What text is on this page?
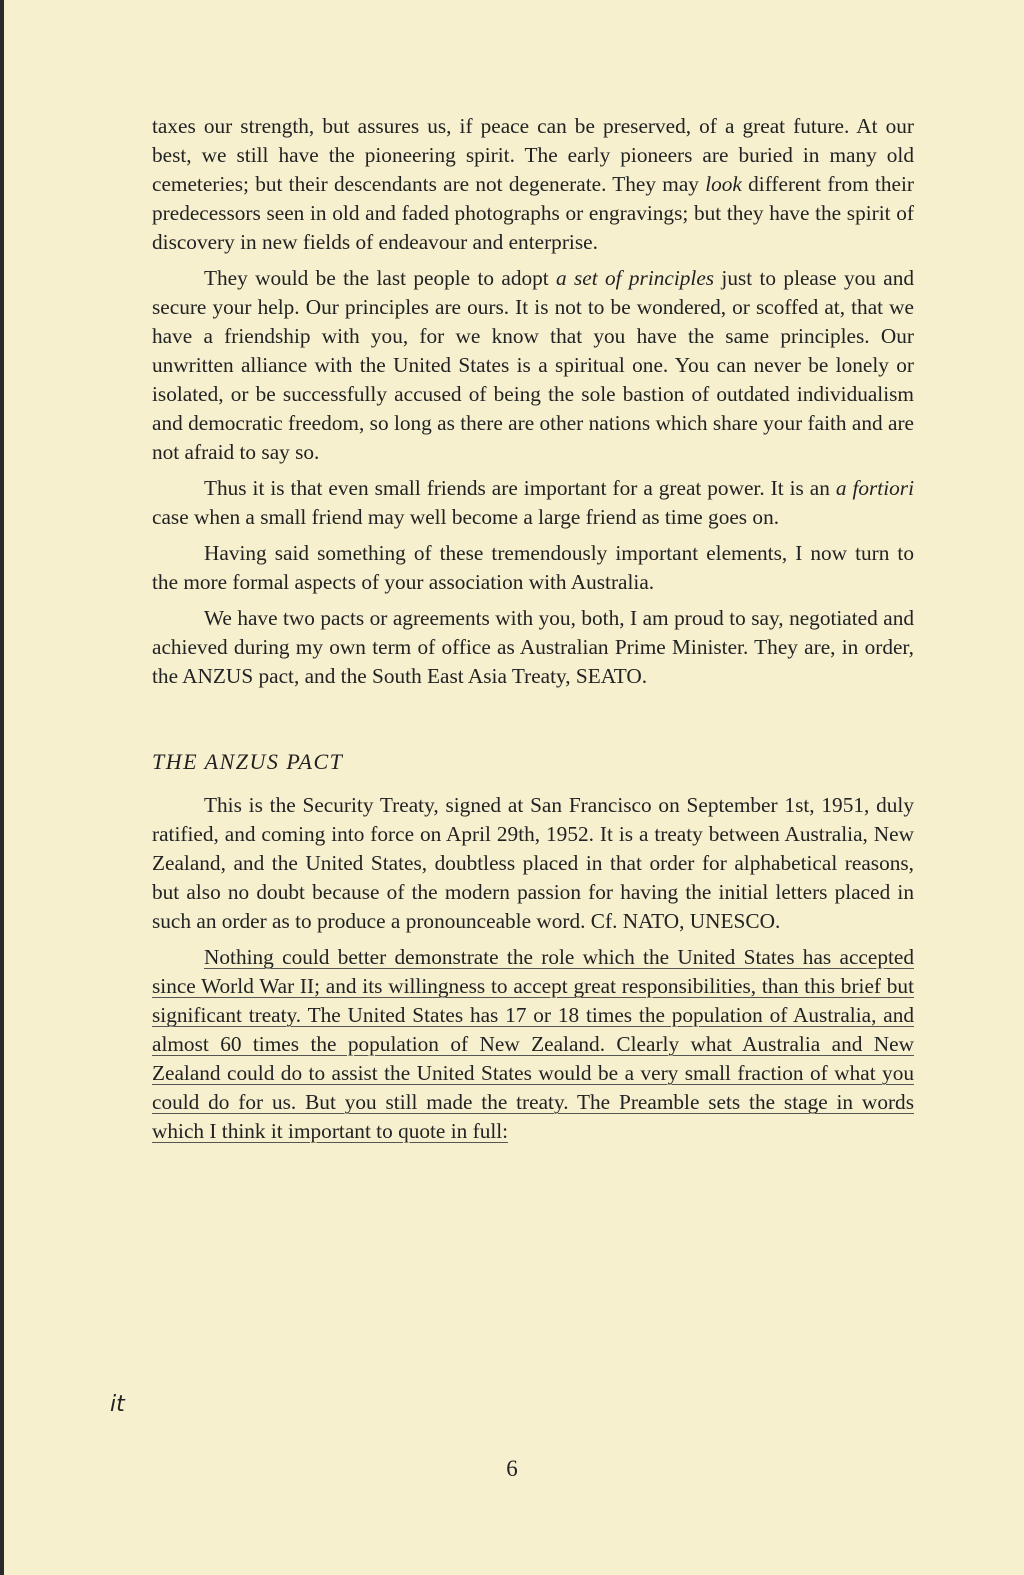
taxes our strength, but assures us, if peace can be preserved, of a great future. At our best, we still have the pioneering spirit. The early pioneers are buried in many old cemeteries; but their descendants are not degenerate. They may look different from their predecessors seen in old and faded photographs or engravings; but they have the spirit of discovery in new fields of endeavour and enterprise.

They would be the last people to adopt a set of principles just to please you and secure your help. Our principles are ours. It is not to be wondered, or scoffed at, that we have a friendship with you, for we know that you have the same principles. Our unwritten alliance with the United States is a spiritual one. You can never be lonely or isolated, or be successfully accused of being the sole bastion of outdated individualism and democratic freedom, so long as there are other nations which share your faith and are not afraid to say so.

Thus it is that even small friends are important for a great power. It is an a fortiori case when a small friend may well become a large friend as time goes on.

Having said something of these tremendously important elements, I now turn to the more formal aspects of your association with Australia.

We have two pacts or agreements with you, both, I am proud to say, negotiated and achieved during my own term of office as Australian Prime Minister. They are, in order, the ANZUS pact, and the South East Asia Treaty, SEATO.

THE ANZUS PACT

This is the Security Treaty, signed at San Francisco on September 1st, 1951, duly ratified, and coming into force on April 29th, 1952. It is a treaty between Australia, New Zealand, and the United States, doubtless placed in that order for alphabetical reasons, but also no doubt because of the modern passion for having the initial letters placed in such an order as to produce a pronounceable word. Cf. NATO, UNESCO.

Nothing could better demonstrate the role which the United States has accepted since World War II; and its willingness to accept great responsibilities, than this brief but significant treaty. The United States has 17 or 18 times the population of Australia, and almost 60 times the population of New Zealand. Clearly what Australia and New Zealand could do to assist the United States would be a very small fraction of what you could do for us. But you still made the treaty. The Preamble sets the stage in words which I think it important to quote in full:

it
6
